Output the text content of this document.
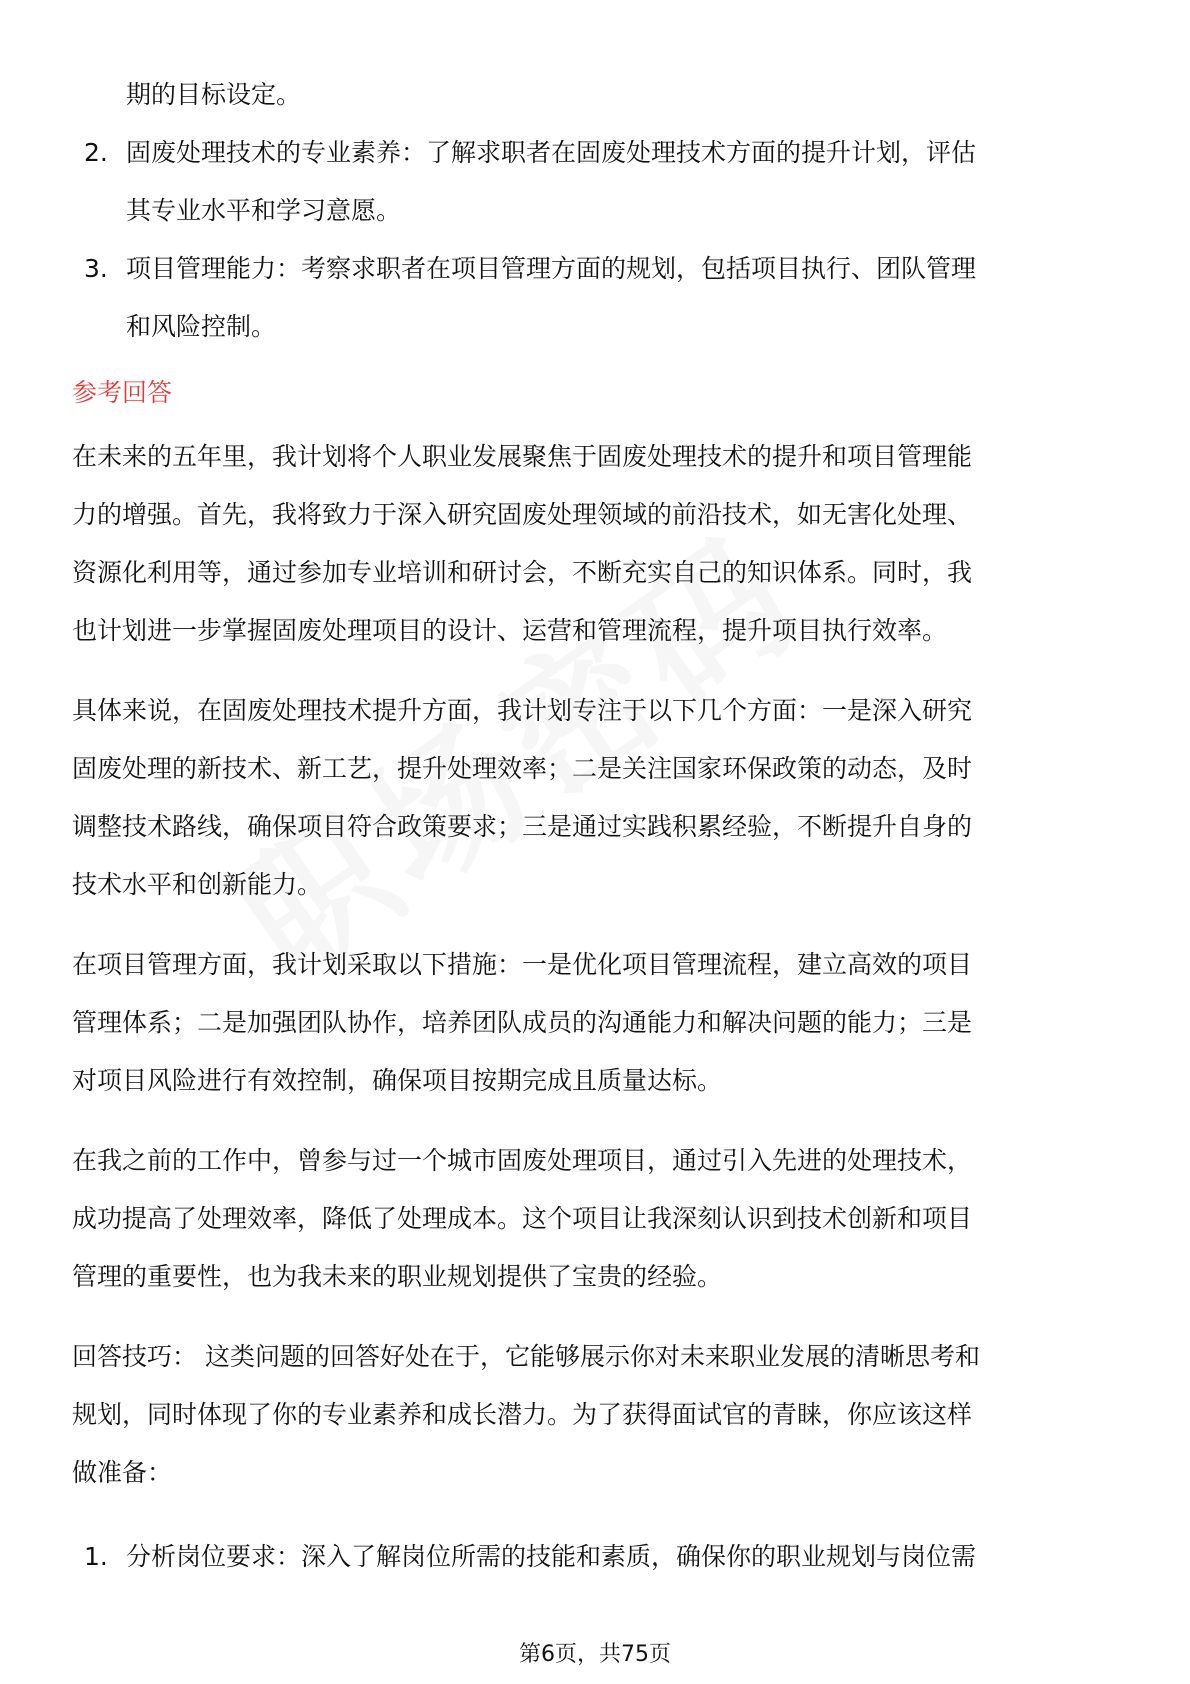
期的目标设定。
2. 固废处理技术的专业素养：了解求职者在固废处理技术方面的提升计划，评估
其专业水平和学习意愿。
3. 项目管理能力：考察求职者在项目管理方面的规划，包括项目执行、团队管理
和风险控制。
参考回答
在未来的五年里，我计划将个人职业发展聚焦于固废处理技术的提升和项目管理能
力的增强。首先，我将致力于深入研究固废处理领域的前沿技术，如无害化处理、
资源化利用等，通过参加专业培训和研讨会，不断充实自己的知识体系。同时，我
也计划进一步掌握固废处理项目的设计、运营和管理流程，提升项目执行效率。
具体来说，在固废处理技术提升方面，我计划专注于以下几个方面：一是深入研究
固废处理的新技术、新工艺，提升处理效率；二是关注国家环保政策的动态，及时
调整技术路线，确保项目符合政策要求；三是通过实践积累经验，不断提升自身的
技术水平和创新能力。
在项目管理方面，我计划采取以下措施：一是优化项目管理流程，建立高效的项目
管理体系；二是加强团队协作，培养团队成员的沟通能力和解决问题的能力；三是
对项目风险进行有效控制，确保项目按期完成且质量达标。
在我之前的工作中，曾参与过一个城市固废处理项目，通过引入先进的处理技术，
成功提高了处理效率，降低了处理成本。这个项目让我深刻认识到技术创新和项目
管理的重要性，也为我未来的职业规划提供了宝贵的经验。
回答技巧： 这类问题的回答好处在于，它能够展示你对未来职业发展的清晰思考和
规划，同时体现了你的专业素养和成长潜力。为了获得面试官的青睐，你应该这样
做准备：
1. 分析岗位要求：深入了解岗位所需的技能和素质，确保你的职业规划与岗位需
第6页，共75页
